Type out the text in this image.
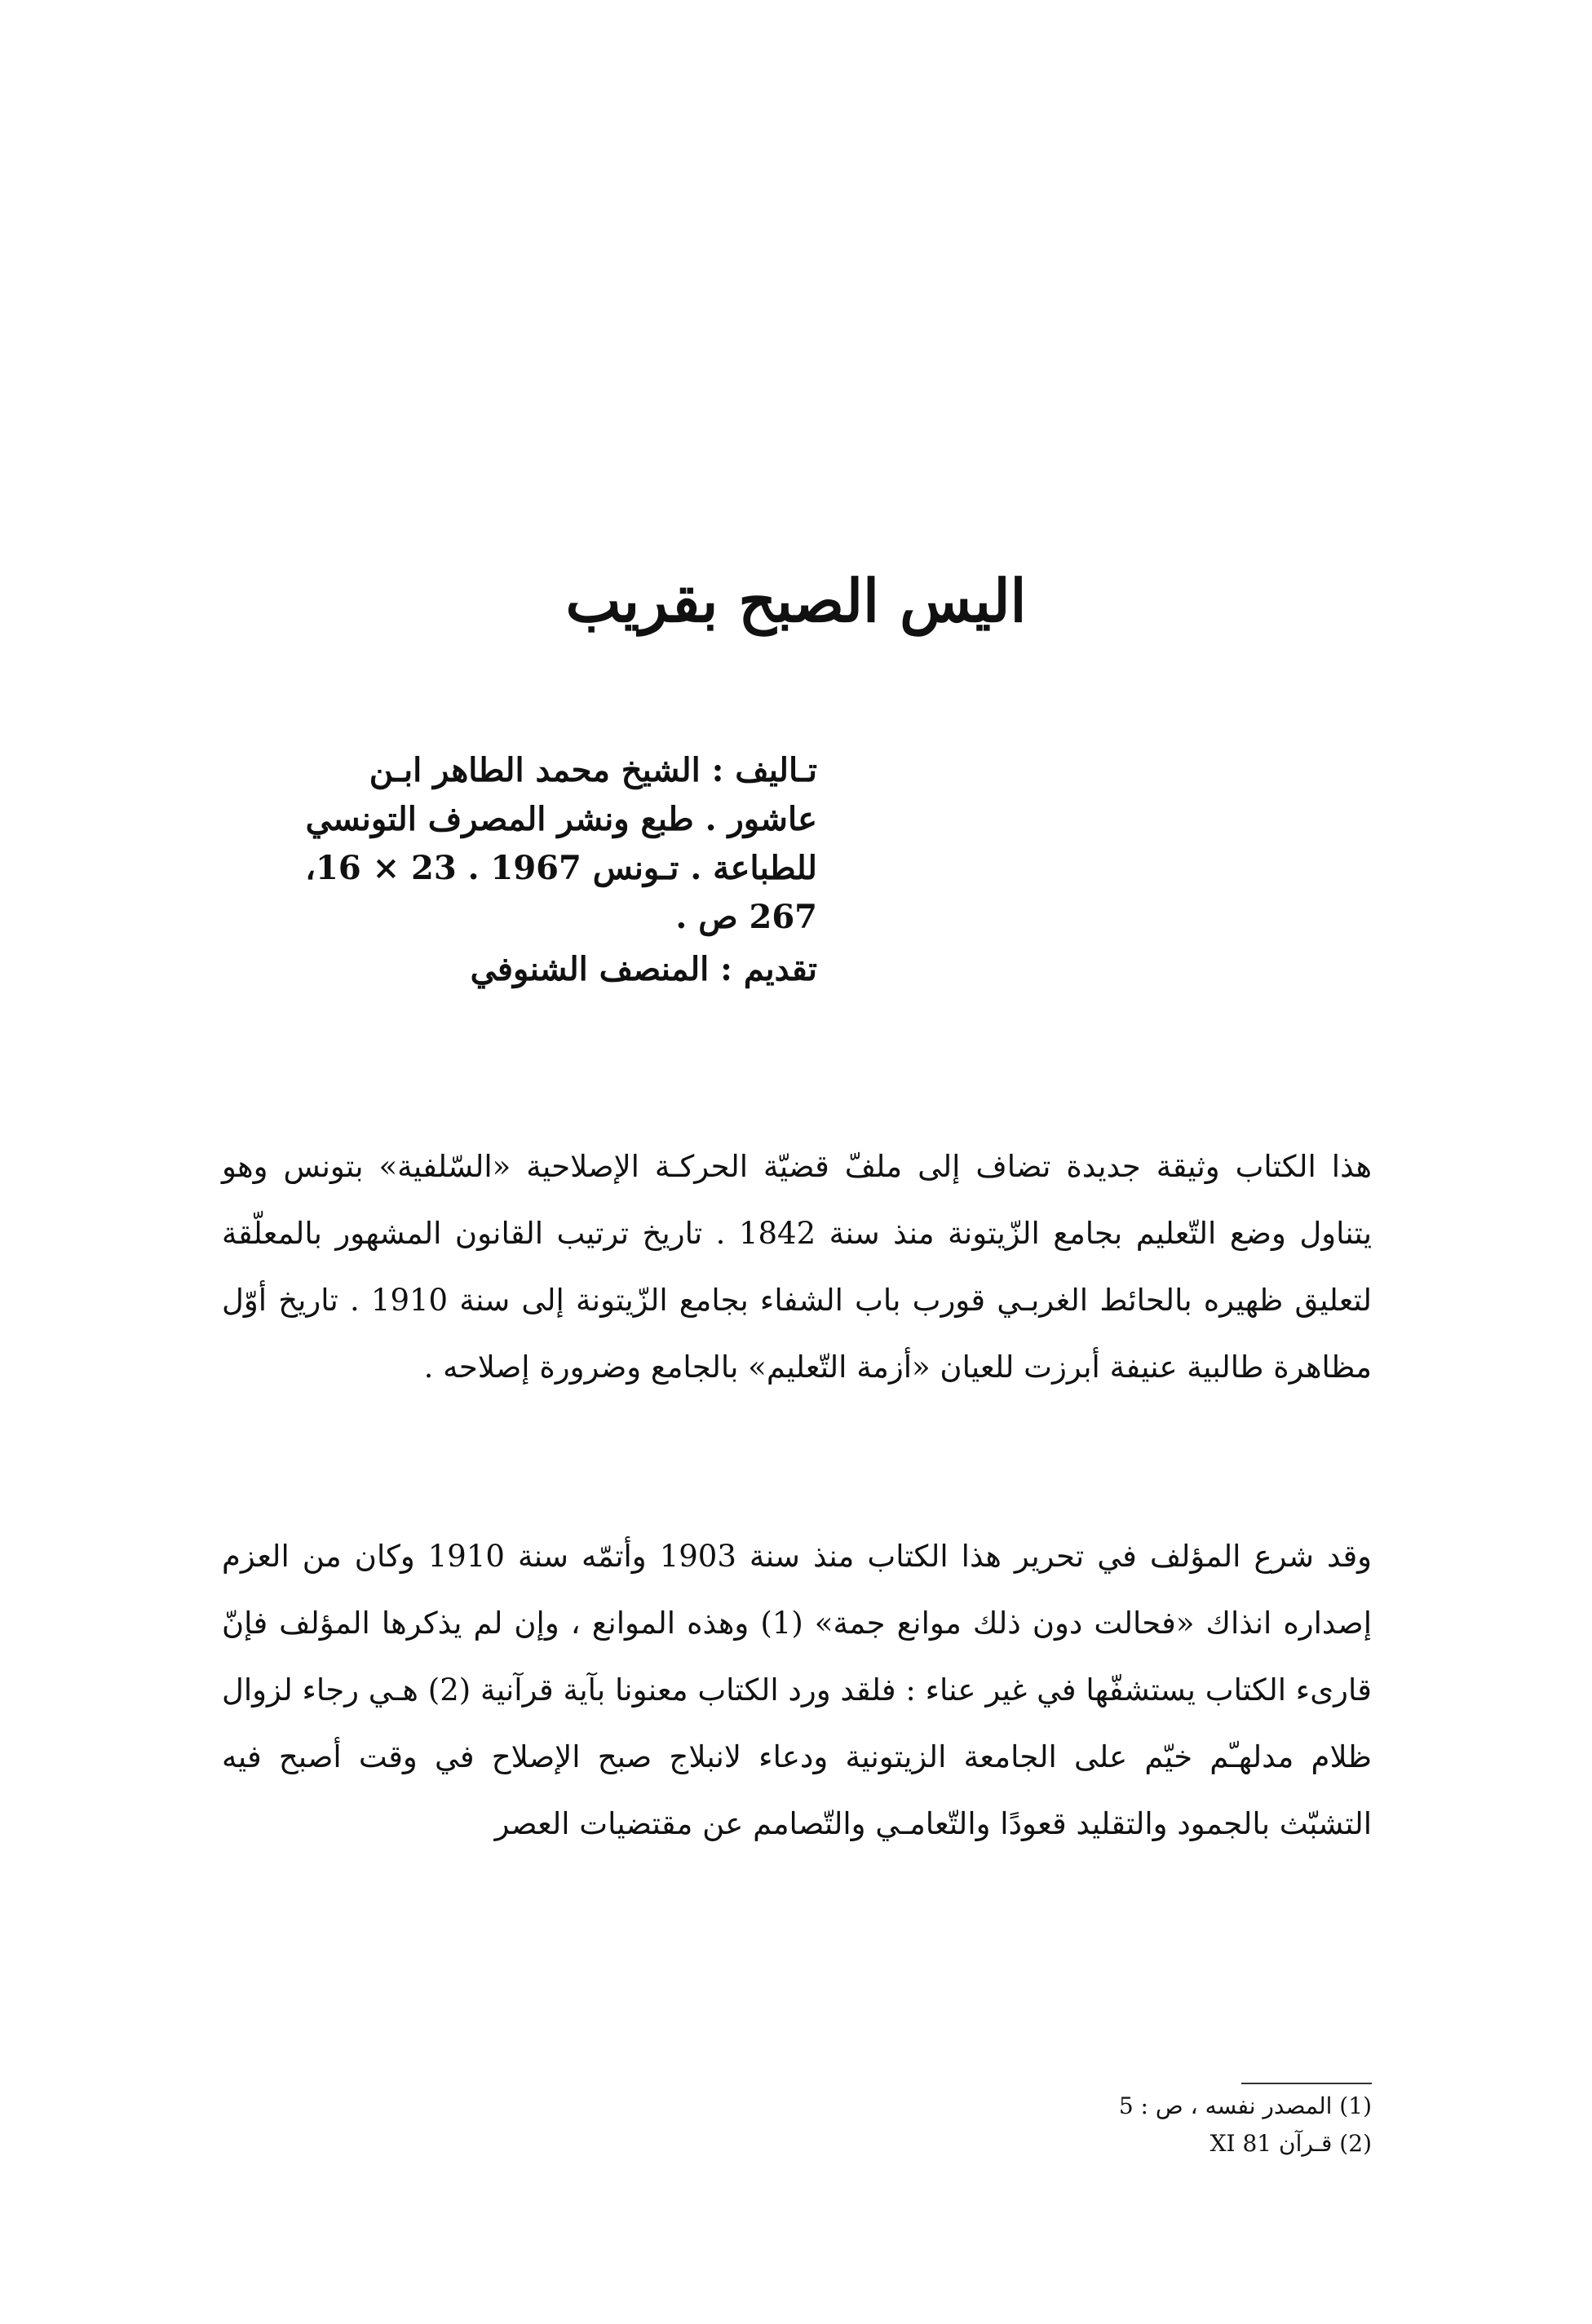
اليس الصبح بقريب
تـاليف : الشيخ محمد الطاهر ابـن
عاشور . طبع ونشر المصرف التونسي
للطباعة . تـونس 1967 . 23 × 16،
267 ص .
تقديم : المنصف الشنوفي

هذا الكتاب وثيقة جديدة تضاف إلى ملفّ قضيّة الحركـة الإصلاحية «السّلفية» بتونس وهو يتناول وضع التّعليم بجامع الزّيتونة منذ سنة 1842 . تاريخ ترتيب القانون المشهور بالمعلّقة لتعليق ظهيره بالحائط الغربـي قورب باب الشفاء بجامع الزّيتونة إلى سنة 1910 . تاريخ أوّل مظاهرة طالبية عنيفة أبرزت للعيان «أزمة التّعليم» بالجامع وضرورة إصلاحه .

وقد شرع المؤلف في تحرير هذا الكتاب منذ سنة 1903 وأتمّه سنة 1910 وكان من العزم إصداره انذاك «فحالت دون ذلك موانع جمة» (1) وهذه الموانع ، وإن لم يذكرها المؤلف فإنّ قارىء الكتاب يستشفّها في غير عناء : فلقد ورد الكتاب معنونا بآية قرآنية (2) هـي رجاء لزوال ظلام مدلهـّم خيّم على الجامعة الزيتونية ودعاء لانبلاج صبح الإصلاح في وقت أصبح فيه التشبّث بالجمود والتقليد قعودًا والتّعامـي والتّصامم عن مقتضيات العصر

(1) المصدر نفسه ، ص : 5
(2) قـرآن XI 81
